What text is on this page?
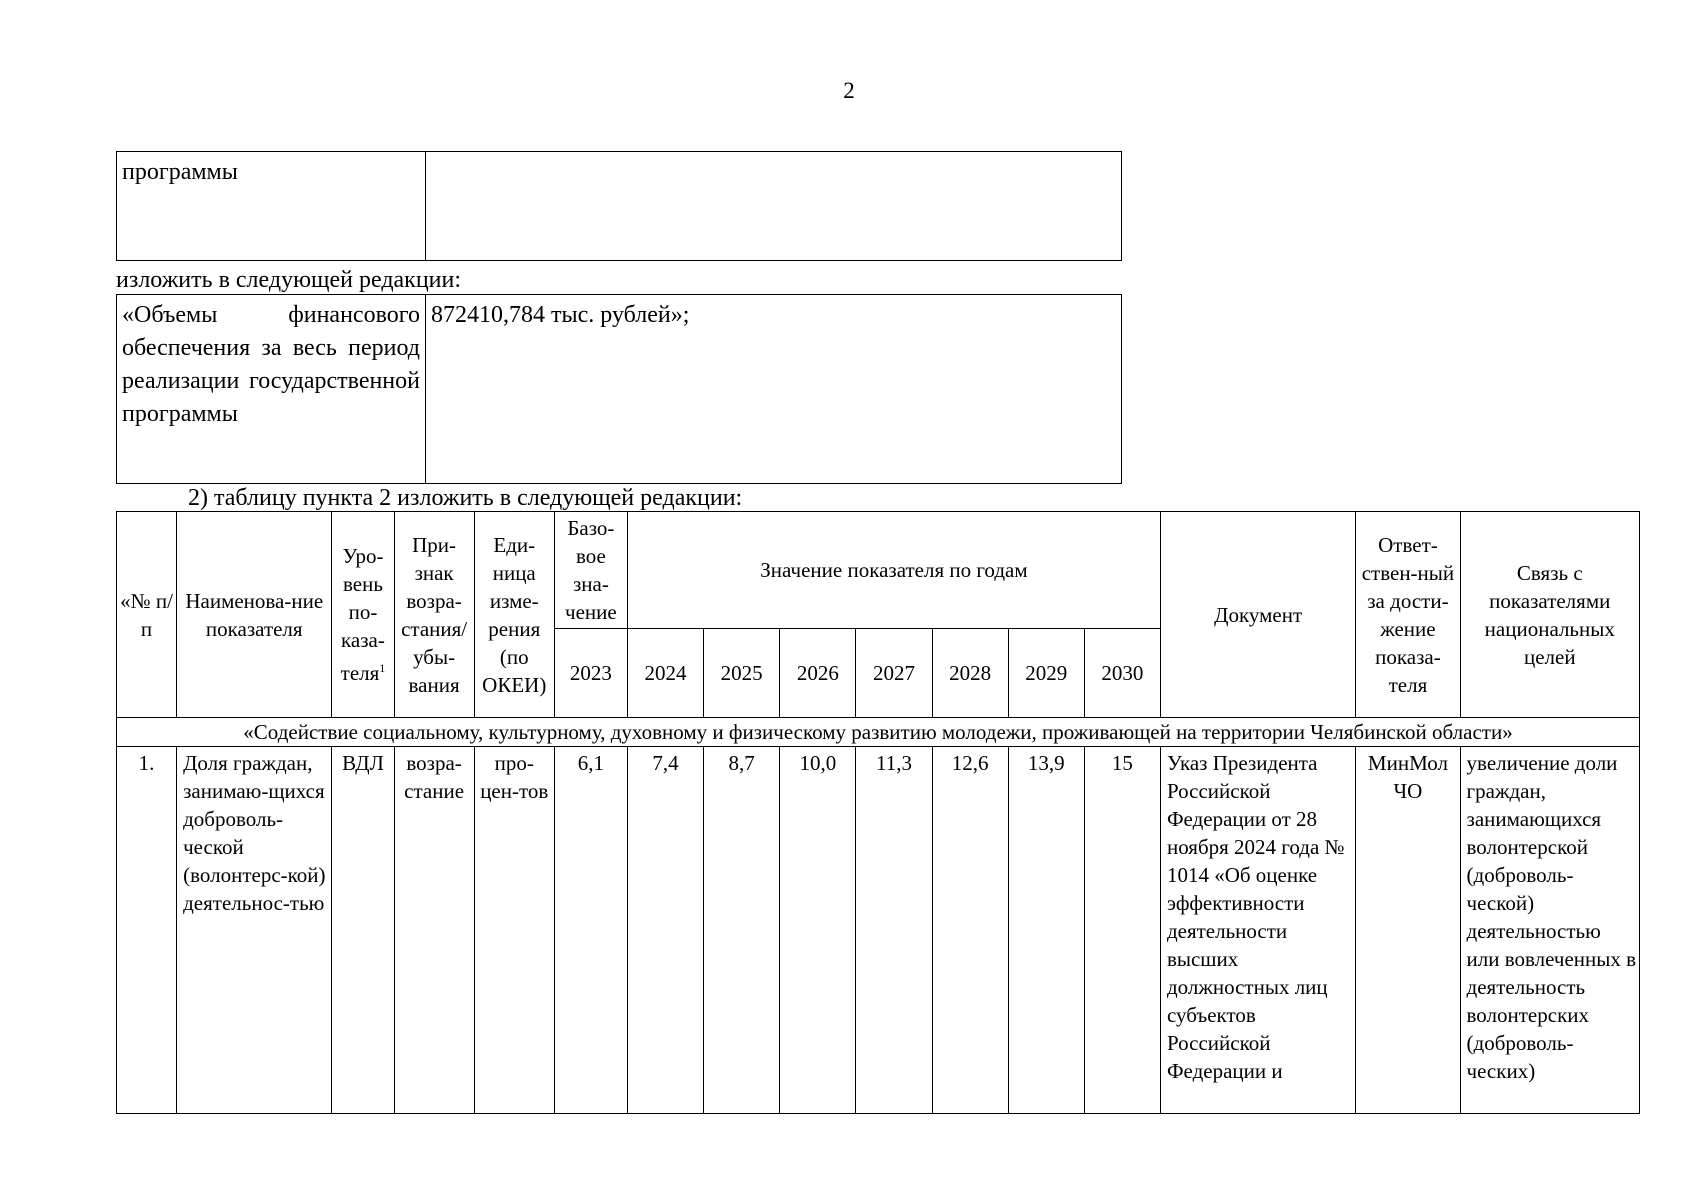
2
программы	
изложить в следующей редакции:
«Объемы финансового обеспечения за весь период реализации государственной программы	872410,784 тыс. рублей»;
2) таблицу пункта 2 изложить в следующей редакции:
«№ п/п	Наименова-ние показателя	Уро-вень по-каза-теля$^1$	При-знак возра-стания/ убы-вания	Еди-ница изме-рения (по ОКЕИ)	Базо-вое зна-чение	Значение показателя по годам							Документ	Ответ-ствен-ный за дости-жение показа-теля	Связь с показателями национальных целей
					2023	2024	2025	2026	2027	2028	2029	2030			
«Содействие социальному, культурному, духовному и физическому развитию молодежи, проживающей на территории Челябинской области»															
1.	Доля граждан, занимаю-щихся доброволь-ческой (волонтерс-кой) деятельнос-тью	ВДЛ	возра-стание	про-цен-тов	6,1	7,4	8,7	10,0	11,3	12,6	13,9	15	Указ Президента Российской Федерации от 28 ноября 2024 года № 1014 «Об оценке эффективности деятельности высших должностных лиц субъектов Российской Федерации и	МинМол ЧО	увеличение доли граждан, занимающихся волонтерской (доброволь-ческой) деятельностью или вовлеченных в деятельность волонтерских (доброволь-ческих)
